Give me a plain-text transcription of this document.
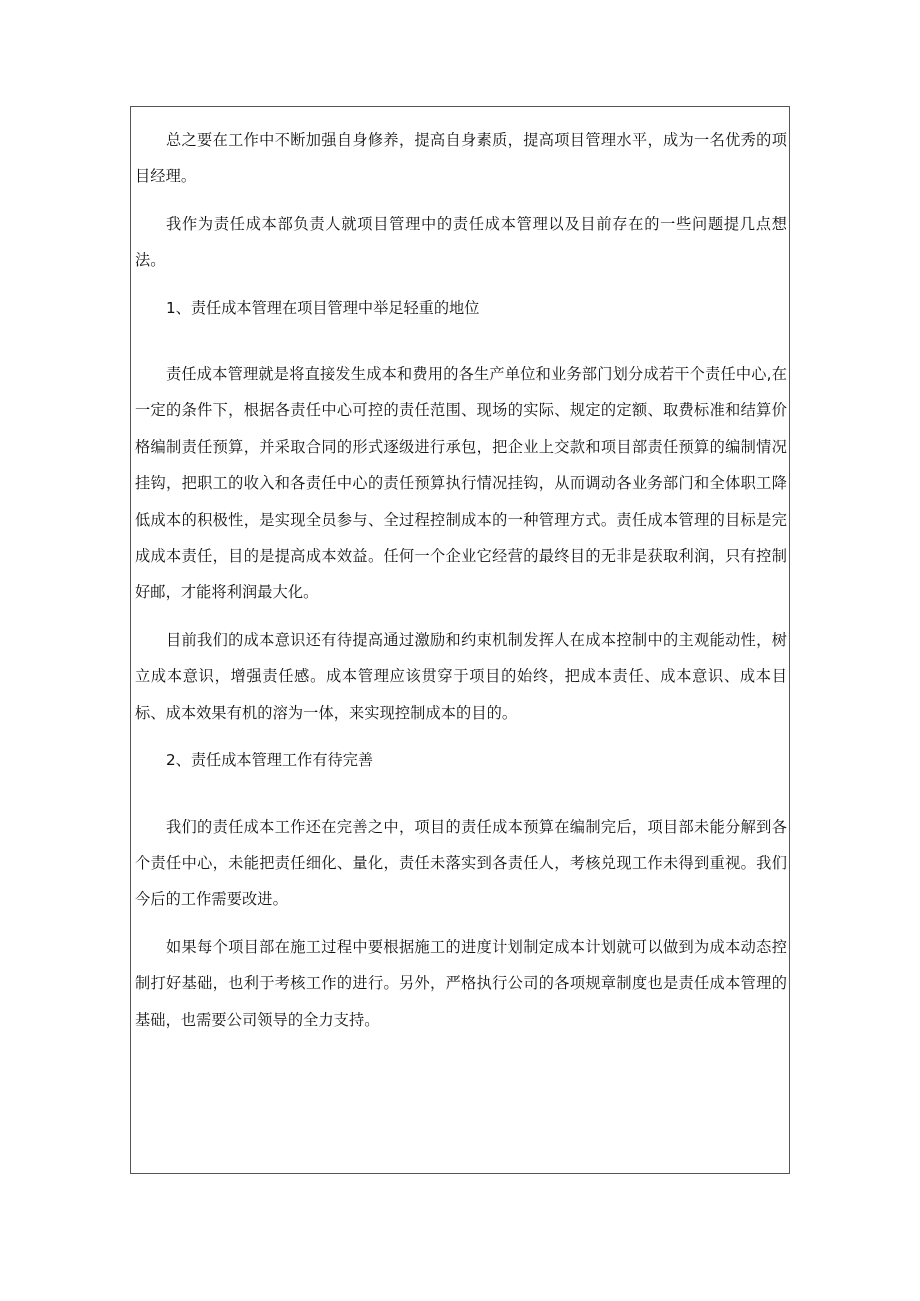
总之要在工作中不断加强自身修养，提高自身素质，提高项目管理水平，成为一名优秀的项目经理。

我作为责任成本部负责人就项目管理中的责任成本管理以及目前存在的一些问题提几点想法。

1、责任成本管理在项目管理中举足轻重的地位

责任成本管理就是将直接发生成本和费用的各生产单位和业务部门划分成若干个责任中心,在一定的条件下，根据各责任中心可控的责任范围、现场的实际、规定的定额、取费标准和结算价格编制责任预算，并采取合同的形式逐级进行承包，把企业上交款和项目部责任预算的编制情况挂钩，把职工的收入和各责任中心的责任预算执行情况挂钩，从而调动各业务部门和全体职工降低成本的积极性，是实现全员参与、全过程控制成本的一种管理方式。责任成本管理的目标是完成成本责任，目的是提高成本效益。任何一个企业它经营的最终目的无非是获取利润，只有控制好邮，才能将利润最大化。

目前我们的成本意识还有待提高通过激励和约束机制发挥人在成本控制中的主观能动性，树立成本意识，增强责任感。成本管理应该贯穿于项目的始终，把成本责任、成本意识、成本目标、成本效果有机的溶为一体，来实现控制成本的目的。

2、责任成本管理工作有待完善

我们的责任成本工作还在完善之中，项目的责任成本预算在编制完后，项目部未能分解到各个责任中心，未能把责任细化、量化，责任未落实到各责任人，考核兑现工作未得到重视。我们今后的工作需要改进。

如果每个项目部在施工过程中要根据施工的进度计划制定成本计划就可以做到为成本动态控制打好基础，也利于考核工作的进行。另外，严格执行公司的各项规章制度也是责任成本管理的基础，也需要公司领导的全力支持。
